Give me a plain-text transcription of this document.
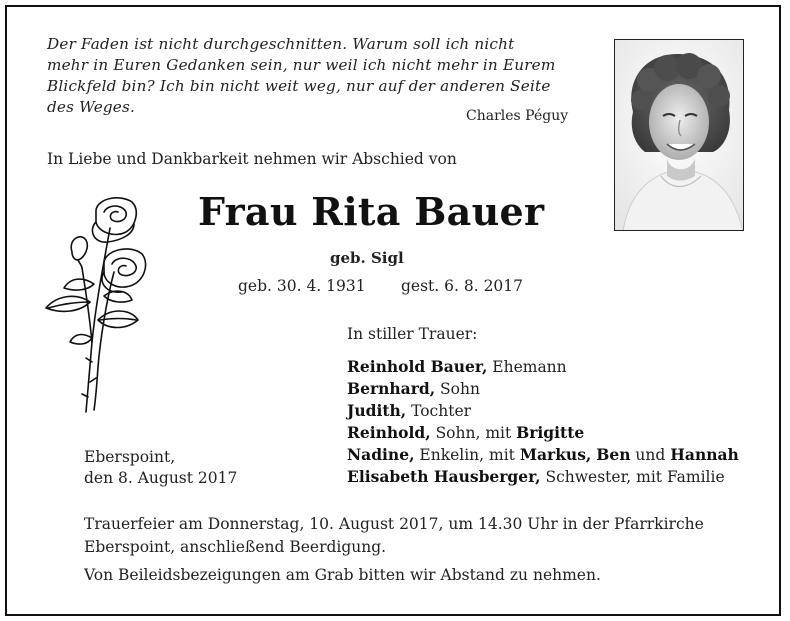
Der Faden ist nicht durchgeschnitten. Warum soll ich nicht
mehr in Euren Gedanken sein, nur weil ich nicht mehr in Eurem
Blickfeld bin? Ich bin nicht weit weg, nur auf der anderen Seite
des Weges.	Charles Péguy
In Liebe und Dankbarkeit nehmen wir Abschied von
Frau Rita Bauer
geb. Sigl
geb. 30. 4. 1931 gest. 6. 8. 2017
In stiller Trauer:
Reinhold Bauer, Ehemann
Bernhard, Sohn
Judith, Tochter
Reinhold, Sohn, mit Brigitte
Nadine, Enkelin, mit Markus, Ben und Hannah
Elisabeth Hausberger, Schwester, mit Familie
Eberspoint,
den 8. August 2017
Trauerfeier am Donnerstag, 10. August 2017, um 14.30 Uhr in der Pfarrkirche
Eberspoint, anschließend Beerdigung.
Von Beileidsbezeigungen am Grab bitten wir Abstand zu nehmen.
